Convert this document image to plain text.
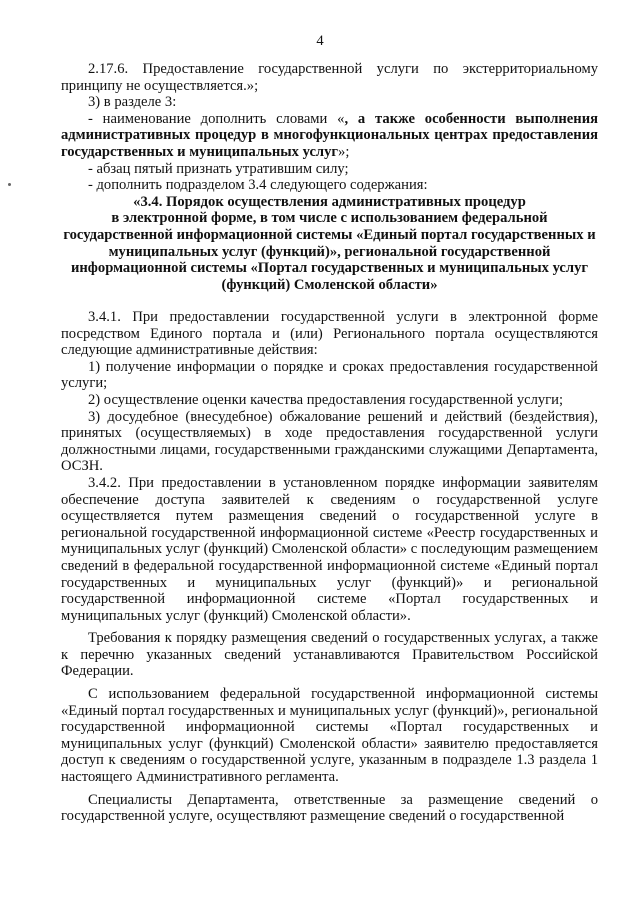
4

2.17.6. Предоставление государственной услуги по экстерриториальному принципу не осуществляется.»;

3) в разделе 3:

- наименование дополнить словами «, а также особенности выполнения административных процедур в многофункциональных центрах предоставления государственных и муниципальных услуг»;

- абзац пятый признать утратившим силу;

- дополнить подразделом 3.4 следующего содержания:

«3.4. Порядок осуществления административных процедур

в электронной форме, в том числе с использованием федеральной государственной информационной системы «Единый портал государственных и муниципальных услуг (функций)», региональной государственной информационной системы «Портал государственных и муниципальных услуг (функций) Смоленской области»

3.4.1. При предоставлении государственной услуги в электронной форме посредством Единого портала и (или) Регионального портала осуществляются следующие административные действия:

1) получение информации о порядке и сроках предоставления государственной услуги;

2) осуществление оценки качества предоставления государственной услуги;

3) досудебное (внесудебное) обжалование решений и действий (бездействия), принятых (осуществляемых) в ходе предоставления государственной услуги должностными лицами, государственными гражданскими служащими Департамента, ОСЗН.

3.4.2. При предоставлении в установленном порядке информации заявителям обеспечение доступа заявителей к сведениям о государственной услуге осуществляется путем размещения сведений о государственной услуге в региональной государственной информационной системе «Реестр государственных и муниципальных услуг (функций) Смоленской области» с последующим размещением сведений в федеральной государственной информационной системе «Единый портал государственных и муниципальных услуг (функций)» и региональной государственной информационной системе «Портал государственных и муниципальных услуг (функций) Смоленской области».

Требования к порядку размещения сведений о государственных услугах, а также к перечню указанных сведений устанавливаются Правительством Российской Федерации.

С использованием федеральной государственной информационной системы «Единый портал государственных и муниципальных услуг (функций)», региональной государственной информационной системы «Портал государственных и муниципальных услуг (функций) Смоленской области» заявителю предоставляется доступ к сведениям о государственной услуге, указанным в подразделе 1.3 раздела 1 настоящего Административного регламента.

Специалисты Департамента, ответственные за размещение сведений о государственной услуге, осуществляют размещение сведений о государственной
